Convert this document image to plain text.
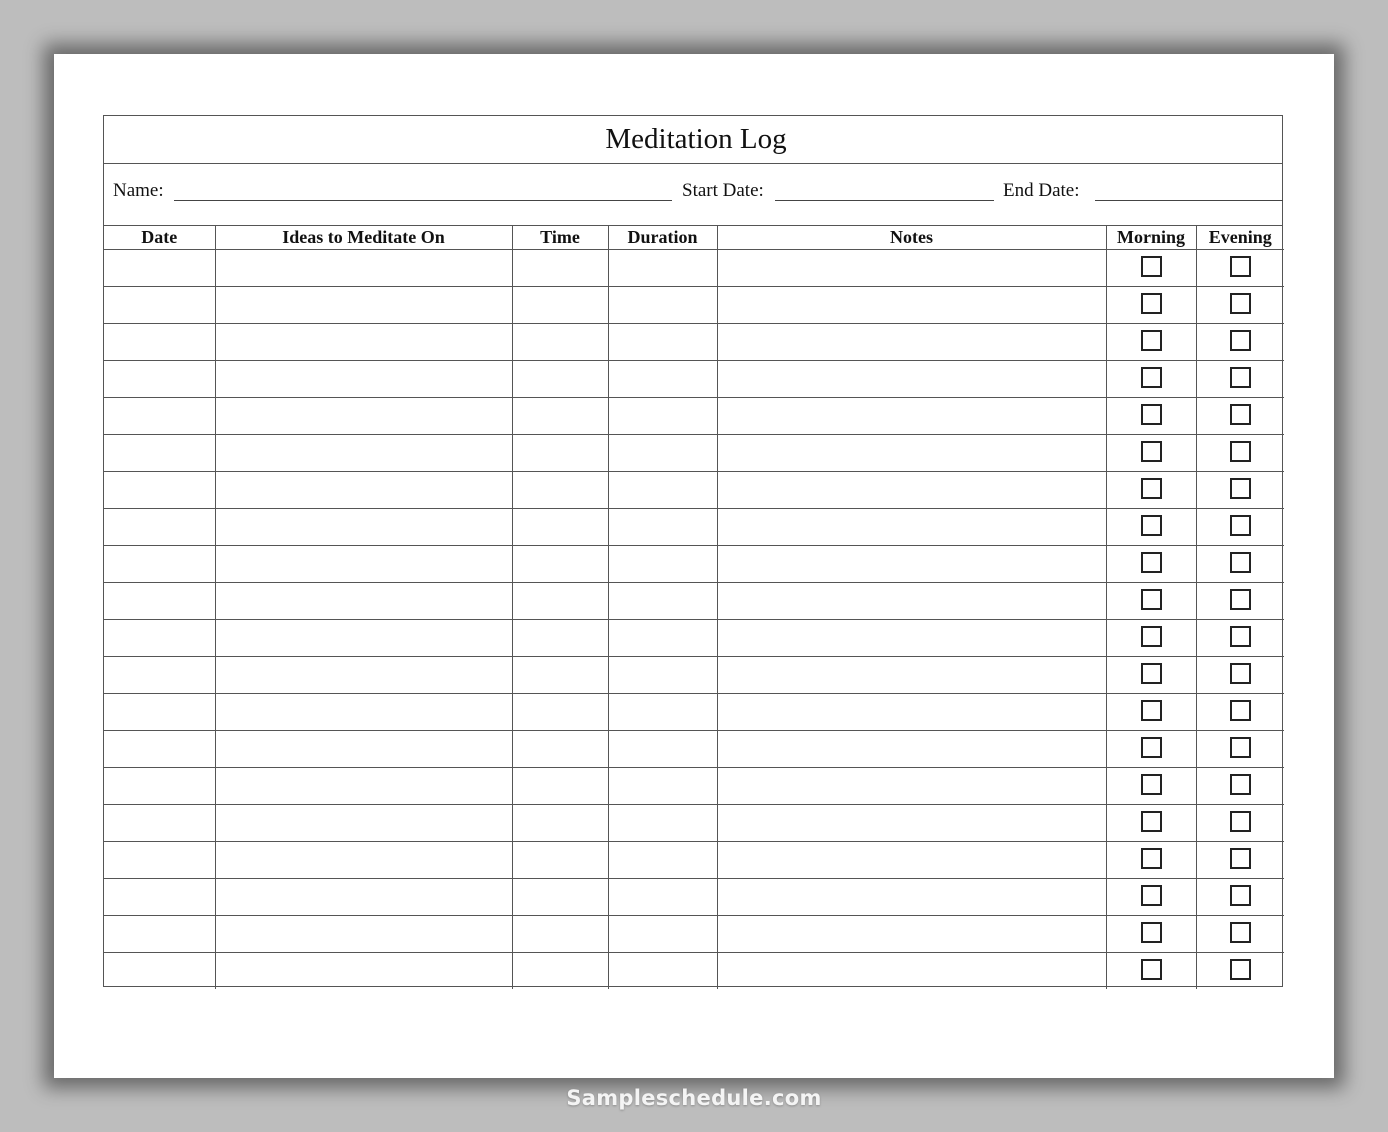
Meditation Log
Name:	Start Date:	End Date:
Date	Ideas to Meditate On	Time	Duration	Notes	Morning	Evening

Sampleschedule.com
